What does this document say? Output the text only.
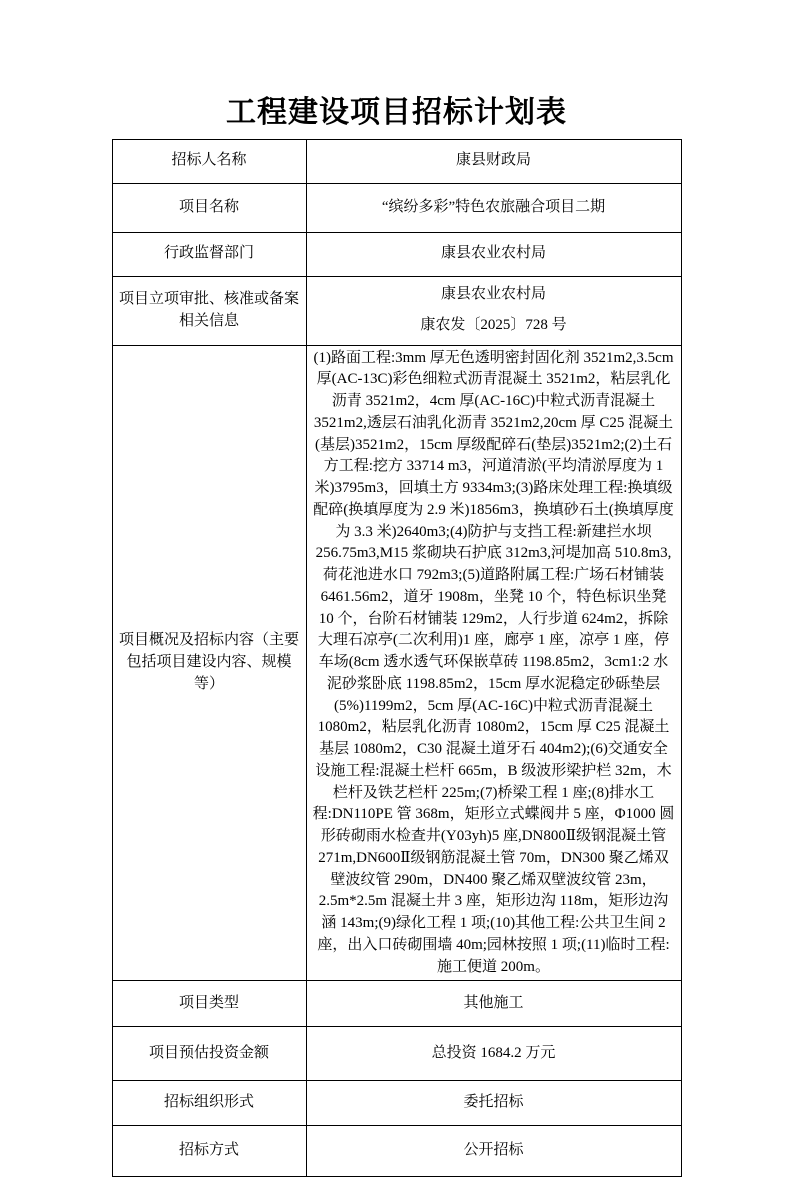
工程建设项目招标计划表
招标人名称	康县财政局
项目名称	“缤纷多彩”特色农旅融合项目二期
行政监督部门	康县农业农村局
项目立项审批、核准或备案相关信息	康县农业农村局
康农发〔2025〕728 号

项目概况及招标内容（主要包括项目建设内容、规模等）	(1)路面工程:3mm 厚无色透明密封固化剂 3521m2,3.5cm 厚(AC-13C)彩色细粒式沥青混凝土 3521m2，粘层乳化沥青 3521m2，4cm 厚(AC-16C)中粒式沥青混凝土 3521m2,透层石油乳化沥青 3521m2,20cm 厚 C25 混凝土(基层)3521m2，15cm 厚级配碎石(垫层)3521m2;(2)土石方工程:挖方 33714 m3，河道清淤(平均清淤厚度为 1 米)3795m3，回填土方 9334m3;(3)路床处理工程:换填级配碎(换填厚度为 2.9 米)1856m3，换填砂石土(换填厚度为 3.3 米)2640m3;(4)防护与支挡工程:新建拦水坝 256.75m3,M15 浆砌块石护底 312m3,河堤加高 510.8m3,荷花池进水口 792m3;(5)道路附属工程:广场石材铺装 6461.56m2，道牙 1908m，坐凳 10 个，特色标识坐凳 10 个，台阶石材铺装 129m2，人行步道 624m2，拆除大理石凉亭(二次利用)1 座，廊亭 1 座，凉亭 1 座，停车场(8cm 透水透气环保嵌草砖 1198.85m2，3cm1:2 水泥砂浆卧底 1198.85m2，15cm 厚水泥稳定砂砾垫层(5%)1199m2，5cm 厚(AC-16C)中粒式沥青混凝土 1080m2，粘层乳化沥青 1080m2，15cm 厚 C25 混凝土基层 1080m2，C30 混凝土道牙石 404m2);(6)交通安全设施工程:混凝土栏杆 665m，B 级波形梁护栏 32m，木栏杆及铁艺栏杆 225m;(7)桥梁工程 1 座;(8)排水工程:DN110PE 管 368m，矩形立式蝶阀井 5 座，Φ1000 圆形砖砌雨水检查井(Y03yh)5 座,DN800Ⅱ级钢混凝土管 271m,DN600Ⅱ级钢筋混凝土管 70m，DN300 聚乙烯双壁波纹管 290m，DN400 聚乙烯双壁波纹管 23m，2.5m*2.5m 混凝土井 3 座，矩形边沟 118m，矩形边沟涵 143m;(9)绿化工程 1 项;(10)其他工程:公共卫生间 2 座，出入口砖砌围墙 40m;园林按照 1 项;(11)临时工程:施工便道 200m。
项目类型	其他施工
项目预估投资金额	总投资 1684.2 万元
招标组织形式	委托招标
招标方式	公开招标
